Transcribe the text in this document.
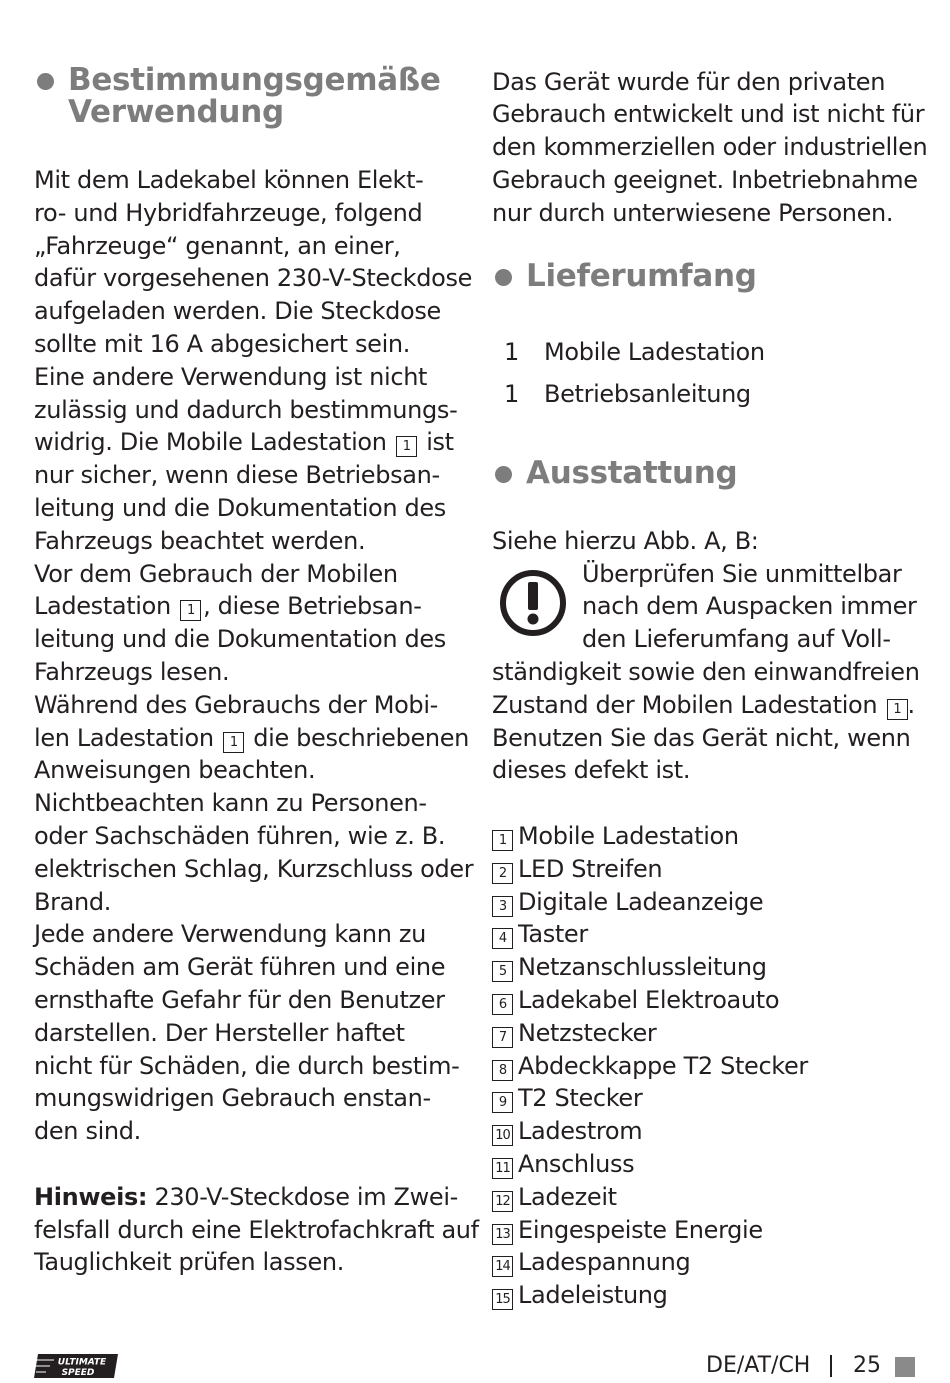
Bestimmungsgemäße
Verwendung
Mit dem Ladekabel können Elekt-
ro- und Hybridfahrzeuge, folgend
„Fahrzeuge“ genannt, an einer,
dafür vorgesehenen 230-V-Steckdose
aufgeladen werden. Die Steckdose
sollte mit 16 A abgesichert sein.
Eine andere Verwendung ist nicht
zulässig und dadurch bestimmungs-
widrig. Die Mobile Ladestation 1 ist
nur sicher, wenn diese Betriebsan-
leitung und die Dokumentation des
Fahrzeugs beachtet werden.
Vor dem Gebrauch der Mobilen
Ladestation 1 , diese Betriebsan-
leitung und die Dokumentation des
Fahrzeugs lesen.
Während des Gebrauchs der Mobi-
len Ladestation 1 die beschriebenen
Anweisungen beachten.
Nichtbeachten kann zu Personen-
oder Sachschäden führen, wie z. B.
elektrischen Schlag, Kurzschluss oder
Brand.
Jede andere Verwendung kann zu
Schäden am Gerät führen und eine
ernsthafte Gefahr für den Benutzer
darstellen. Der Hersteller haftet
nicht für Schäden, die durch bestim-
mungswidrigen Gebrauch enstan-
den sind.
Hinweis: 230-V-Steckdose im Zwei-
felsfall durch eine Elektrofachkraft auf
Tauglichkeit prüfen lassen.
Das Gerät wurde für den privaten
Gebrauch entwickelt und ist nicht für
den kommerziellen oder industriellen
Gebrauch geeignet. Inbetriebnahme
nur durch unterwiesene Personen.
Lieferumfang
1 Mobile Ladestation
1 Betriebsanleitung
Ausstattung
Siehe hierzu Abb. A, B:
Überprüfen Sie unmittelbar
nach dem Auspacken immer
den Lieferumfang auf Voll-
ständigkeit sowie den einwandfreien
Zustand der Mobilen Ladestation 1 .
Benutzen Sie das Gerät nicht, wenn
dieses defekt ist.
1 Mobile Ladestation
2 LED Streifen
3 Digitale Ladeanzeige
4 Taster
5 Netzanschlussleitung
6 Ladekabel Elektroauto
7 Netzstecker
8 Abdeckkappe T2 Stecker
9 T2 Stecker
10 Ladestrom
11 Anschluss
12 Ladezeit
13 Eingespeiste Energie
14 Ladespannung
15 Ladeleistung
ULTIMATE
SPEED	DE/AT/CH 25
